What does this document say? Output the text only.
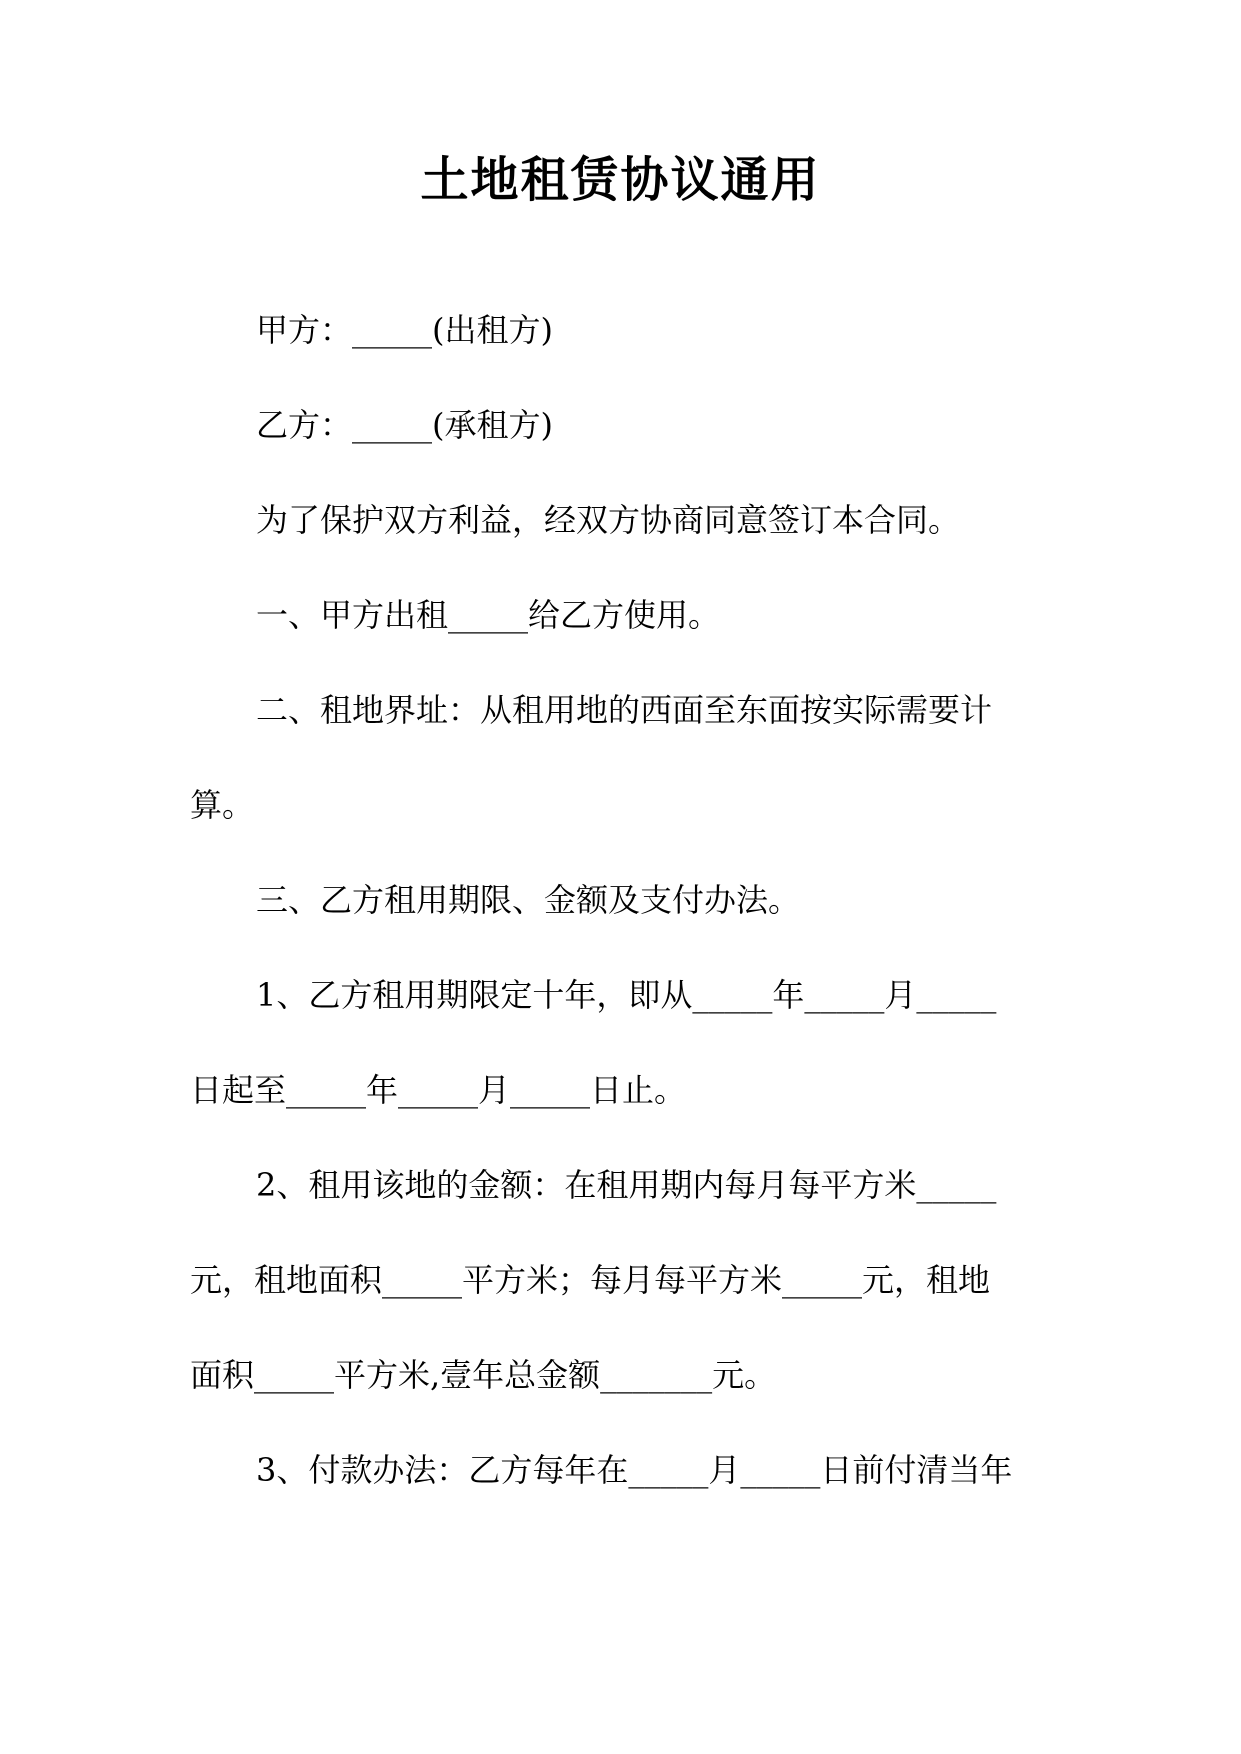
土地租赁协议通用
甲方：_____(出租方)
乙方：_____(承租方)
为了保护双方利益，经双方协商同意签订本合同。
一、甲方出租_____给乙方使用。
二、租地界址：从租用地的西面至东面按实际需要计
算。
三、乙方租用期限、金额及支付办法。
1、乙方租用期限定十年，即从_____年_____月_____
日起至_____年_____月_____日止。
2、租用该地的金额：在租用期内每月每平方米_____
元，租地面积_____平方米；每月每平方米_____元，租地
面积_____平方米,壹年总金额_______元。
3、付款办法：乙方每年在_____月_____日前付清当年
